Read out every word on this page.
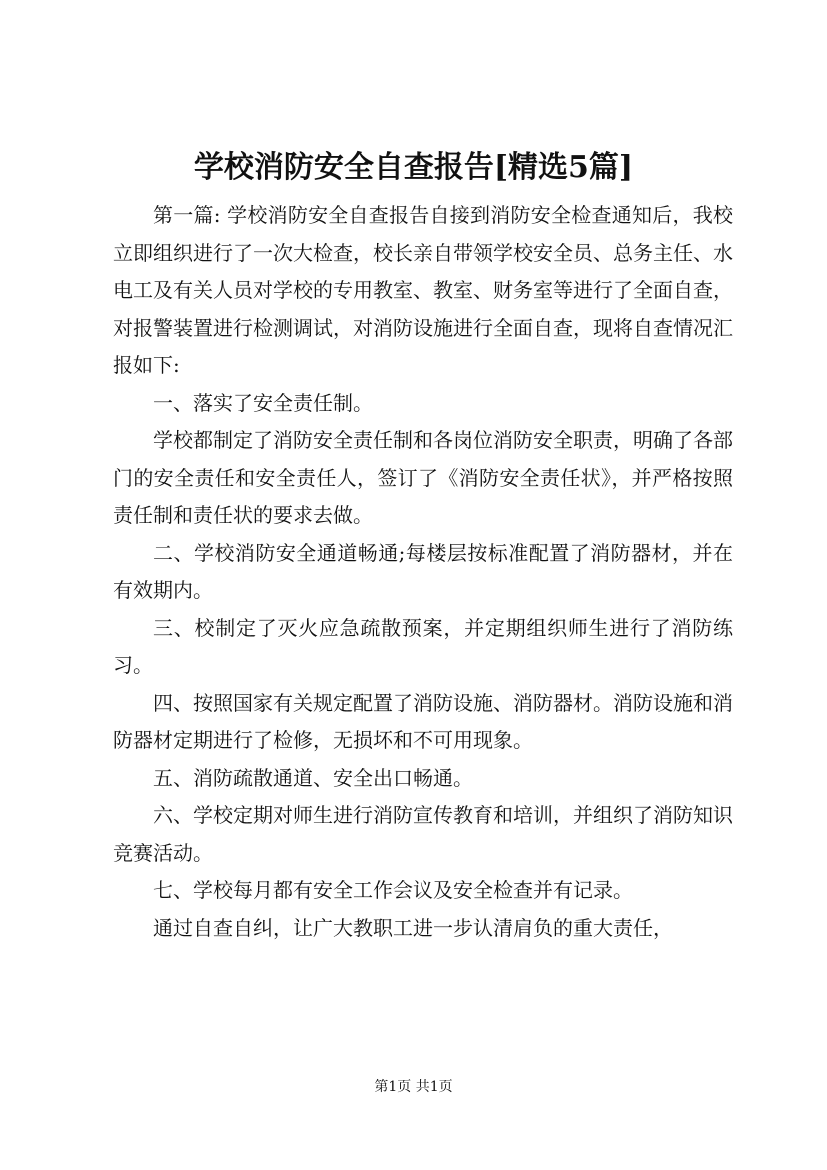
学校消防安全自查报告[精选5篇]

第一篇: 学校消防安全自查报告自接到消防安全检查通知后，我校立即组织进行了一次大检查，校长亲自带领学校安全员、总务主任、水电工及有关人员对学校的专用教室、教室、财务室等进行了全面自查，对报警装置进行检测调试，对消防设施进行全面自查，现将自查情况汇报如下:

一、落实了安全责任制。

学校都制定了消防安全责任制和各岗位消防安全职责，明确了各部门的安全责任和安全责任人，签订了《消防安全责任状》，并严格按照责任制和责任状的要求去做。

二、学校消防安全通道畅通;每楼层按标准配置了消防器材，并在有效期内。

三、校制定了灭火应急疏散预案，并定期组织师生进行了消防练习。

四、按照国家有关规定配置了消防设施、消防器材。消防设施和消防器材定期进行了检修，无损坏和不可用现象。

五、消防疏散通道、安全出口畅通。

六、学校定期对师生进行消防宣传教育和培训，并组织了消防知识竞赛活动。

七、学校每月都有安全工作会议及安全检查并有记录。

通过自查自纠，让广大教职工进一步认清肩负的重大责任，

第1页 共1页
